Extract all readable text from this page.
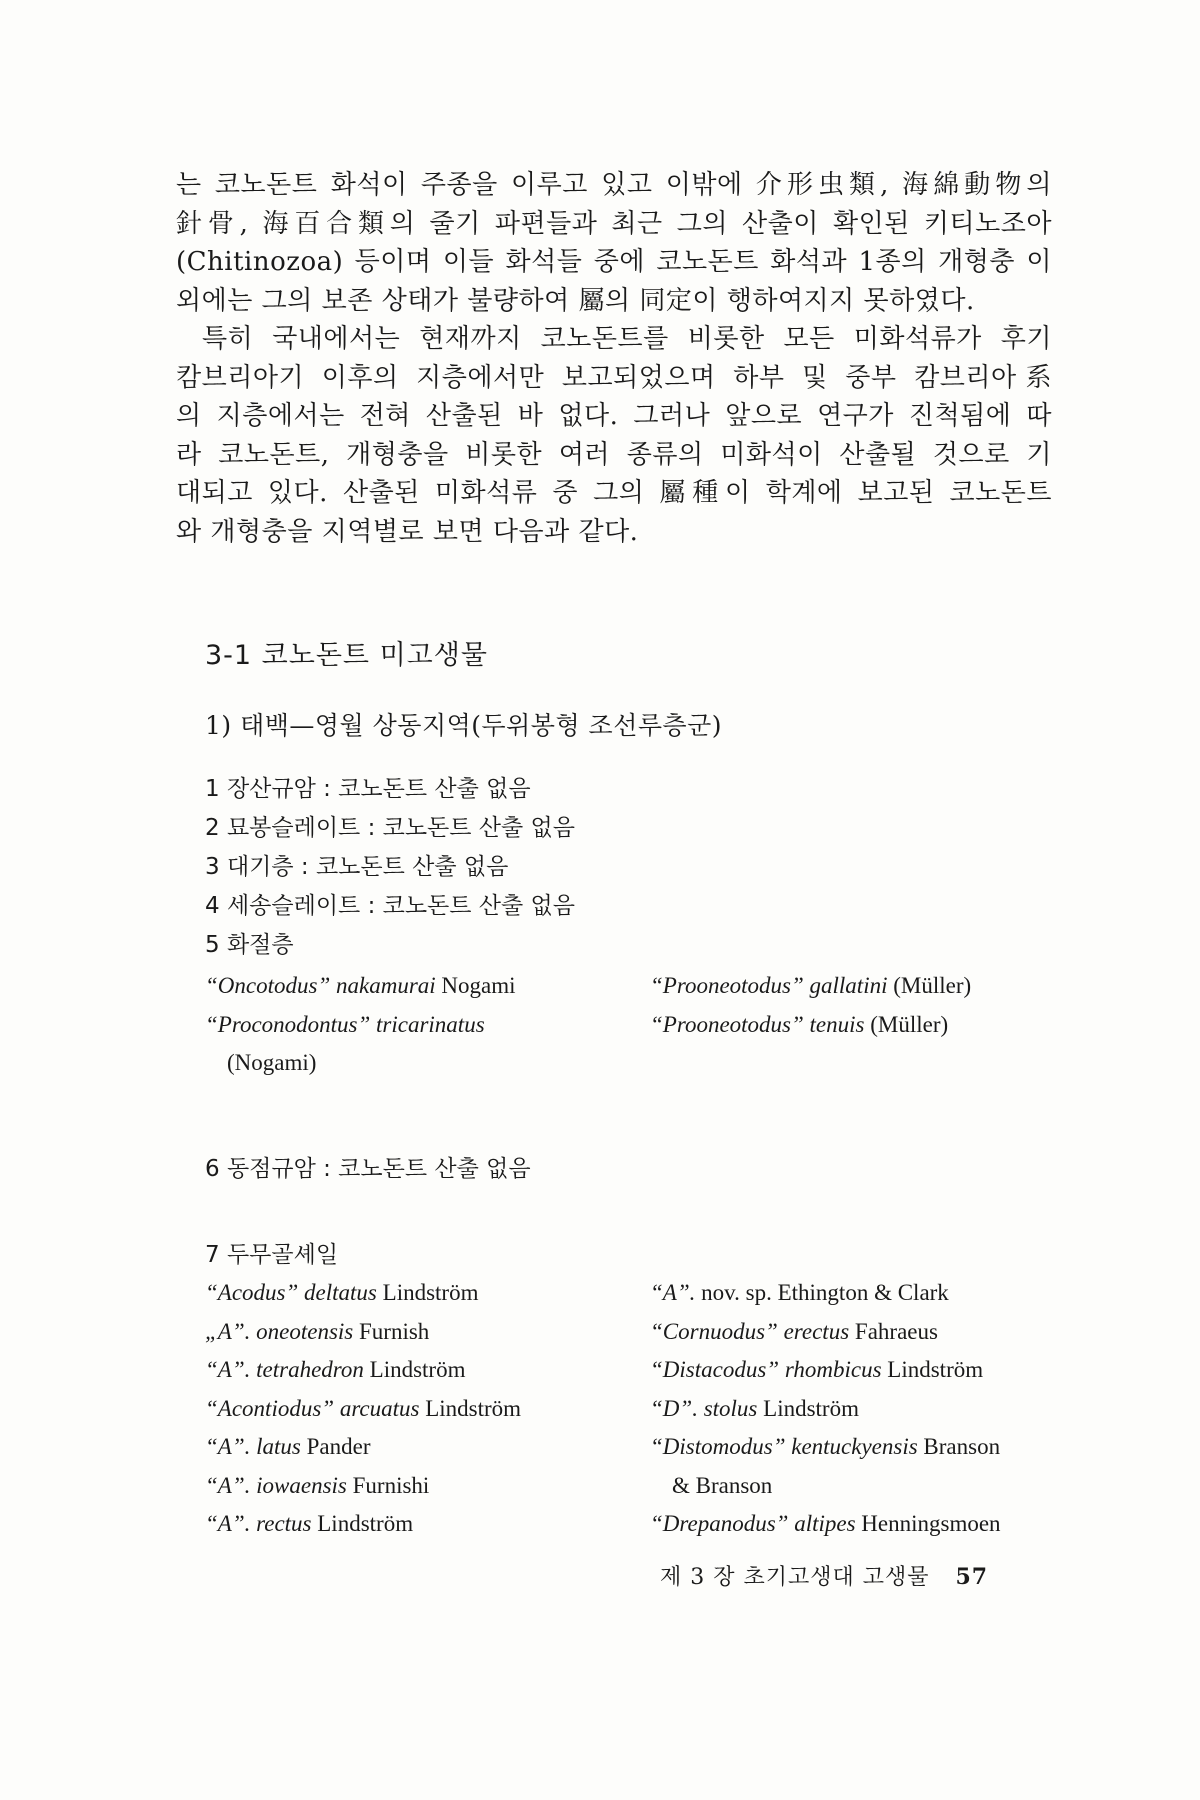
는 코노돈트 화석이 주종을 이루고 있고 이밖에 介形虫類, 海綿動物의
針骨, 海百合類의 줄기 파편들과 최근 그의 산출이 확인된 키티노조아
(Chitinozoa) 등이며 이들 화석들 중에 코노돈트 화석과 1종의 개형충 이
외에는 그의 보존 상태가 불량하여 屬의 同定이 행하여지지 못하였다.
특히 국내에서는 현재까지 코노돈트를 비롯한 모든 미화석류가 후기
캄브리아기 이후의 지층에서만 보고되었으며 하부 및 중부 캄브리아系
의 지층에서는 전혀 산출된 바 없다. 그러나 앞으로 연구가 진척됨에 따
라 코노돈트, 개형충을 비롯한 여러 종류의 미화석이 산출될 것으로 기
대되고 있다. 산출된 미화석류 중 그의 屬種이 학계에 보고된 코노돈트
와 개형충을 지역별로 보면 다음과 같다.
3-1 코노돈트 미고생물
1) 태백—영월 상동지역(두위봉형 조선루층군)
1 장산규암 : 코노돈트 산출 없음
2 묘봉슬레이트 : 코노돈트 산출 없음
3 대기층 : 코노돈트 산출 없음
4 세송슬레이트 : 코노돈트 산출 없음
5 화절층
“Oncotodus” nakamurai Nogami
“Proconodontus” tricarinatus
(Nogami)
“Prooneotodus” gallatini (Müller)
“Prooneotodus” tenuis (Müller)
6 동점규암 : 코노돈트 산출 없음
7 두무골셰일
“Acodus” deltatus Lindström
„A”. oneotensis Furnish
“A”. tetrahedron Lindström
“Acontiodus” arcuatus Lindström
“A”. latus Pander
“A”. iowaensis Furnishi
“A”. rectus Lindström
“A”. nov. sp. Ethington & Clark
“Cornuodus” erectus Fahraeus
“Distacodus” rhombicus Lindström
“D”. stolus Lindström
“Distomodus” kentuckyensis Branson
& Branson
“Drepanodus” altipes Henningsmoen
제 3 장 초기고생대 고생물 57
